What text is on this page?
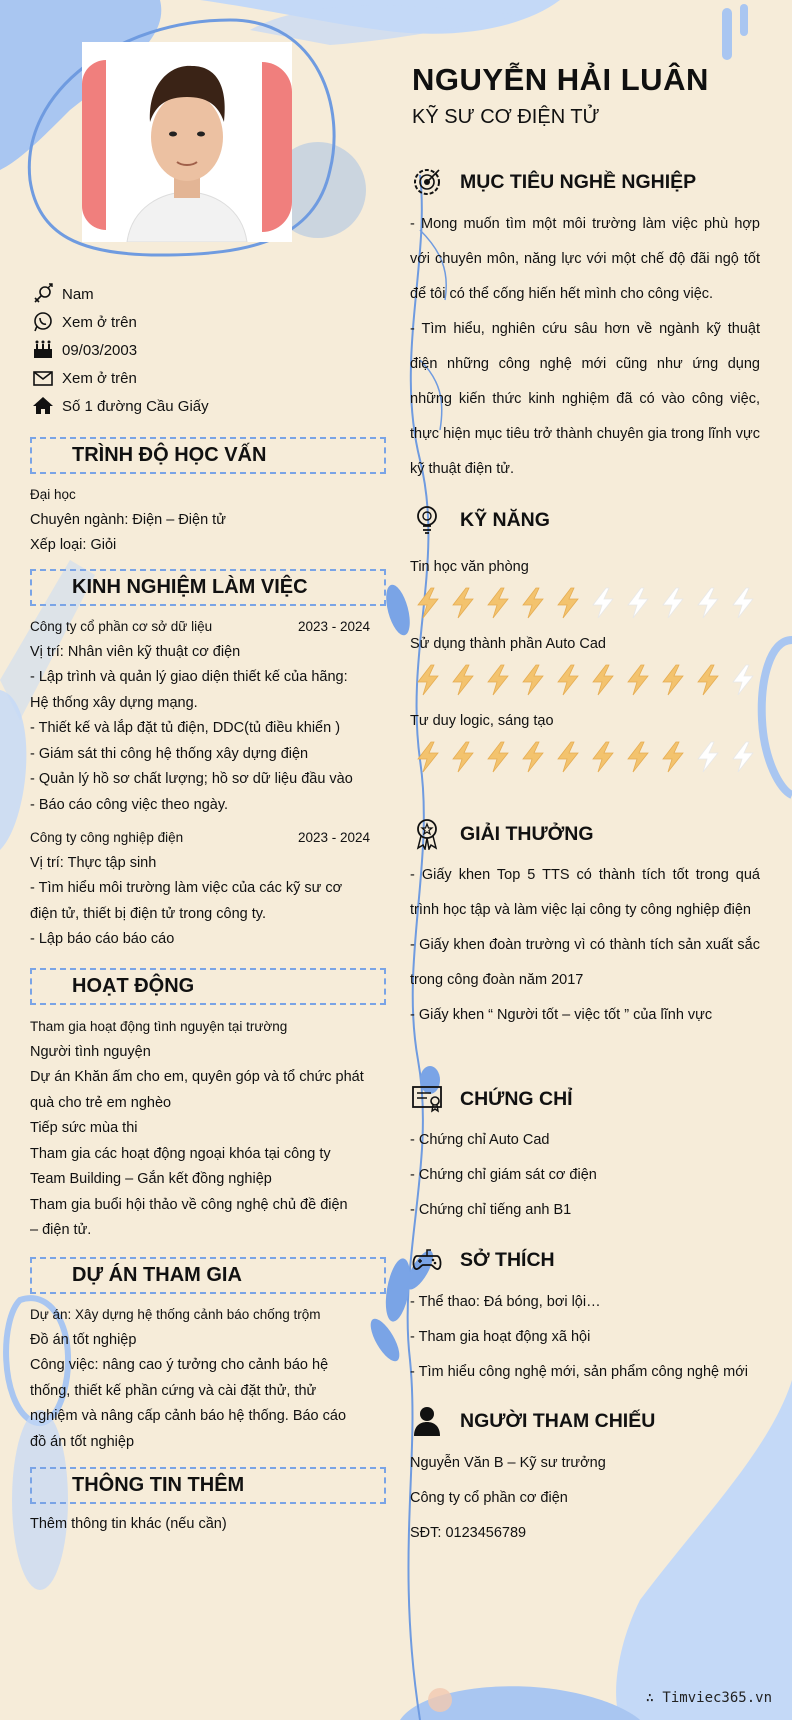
NGUYỄN HẢI LUÂN
KỸ SƯ CƠ ĐIỆN TỬ
Nam
Xem ở trên
09/03/2003
Xem ở trên
Số 1 đường Cầu Giấy
TRÌNH ĐỘ HỌC VẤN
Đại học
Chuyên ngành: Điện – Điện tử
Xếp loại: Giỏi
KINH NGHIỆM LÀM VIỆC
Công ty cổ phần cơ sở dữ liệu	2023 - 2024
Vị trí: Nhân viên kỹ thuật cơ điện
- Lập trình và quản lý giao diện thiết kế của hãng:
Hệ thống xây dựng mạng.
- Thiết kế và lắp đặt tủ điện, DDC(tủ điều khiển )
- Giám sát thi công hệ thống xây dựng điện
- Quản lý hồ sơ chất lượng; hồ sơ dữ liệu đầu vào
- Báo cáo công việc theo ngày.
Công ty công nghiệp điện	2023 - 2024
Vị trí: Thực tập sinh
- Tìm hiểu môi trường làm việc của các kỹ sư cơ
điện tử, thiết bị điện tử trong công ty.
- Lập báo cáo báo cáo
HOẠT ĐỘNG
Tham gia hoạt động tình nguyện tại trường
Người tình nguyện
Dự án Khăn ấm cho em, quyên góp và tổ chức phát
quà cho trẻ em nghèo
Tiếp sức mùa thi
Tham gia các hoạt động ngoại khóa tại công ty
Team Building – Gắn kết đồng nghiệp
Tham gia buổi hội thảo về công nghệ chủ đề điện
– điện tử.
DỰ ÁN THAM GIA
Dự án: Xây dựng hệ thống cảnh báo chống trộm
Đồ án tốt nghiệp
Công việc: nâng cao ý tưởng cho cảnh báo hệ
thống, thiết kế phần cứng và cài đặt thử, thử
nghiệm và nâng cấp cảnh báo hệ thống. Báo cáo
đồ án tốt nghiệp
THÔNG TIN THÊM
Thêm thông tin khác (nếu cần)
MỤC TIÊU NGHỀ NGHIỆP
- Mong muốn tìm một môi trường làm việc phù hợp với chuyên môn, năng lực với một chế độ đãi ngộ tốt để tôi có thể cống hiến hết mình cho công việc.
- Tìm hiểu, nghiên cứu sâu hơn về ngành kỹ thuật điện những công nghệ mới cũng như ứng dụng những kiến thức kinh nghiệm đã có vào công việc, thực hiện mục tiêu trở thành chuyên gia trong lĩnh vực kỹ thuật điện tử.
KỸ NĂNG
Tin học văn phòng
Sử dụng thành phần Auto Cad
Tư duy logic, sáng tạo
GIẢI THƯỞNG
- Giấy khen Top 5 TTS có thành tích tốt trong quá trình học tập và làm việc lại công ty công nghiệp điện
- Giấy khen đoàn trường vì có thành tích sản xuất sắc trong công đoàn năm 2017
- Giấy khen “ Người tốt – việc tốt ” của lĩnh vực
CHỨNG CHỈ
- Chứng chỉ Auto Cad
- Chứng chỉ giám sát cơ điện
- Chứng chỉ tiếng anh B1
SỞ THÍCH
- Thể thao: Đá bóng, bơi lội…
- Tham gia hoạt động xã hội
- Tìm hiểu công nghệ mới, sản phẩm công nghệ mới
NGƯỜI THAM CHIẾU
Nguyễn Văn B – Kỹ sư trưởng
Công ty cổ phần cơ điện
SĐT: 0123456789
∴ Timviec365.vn
